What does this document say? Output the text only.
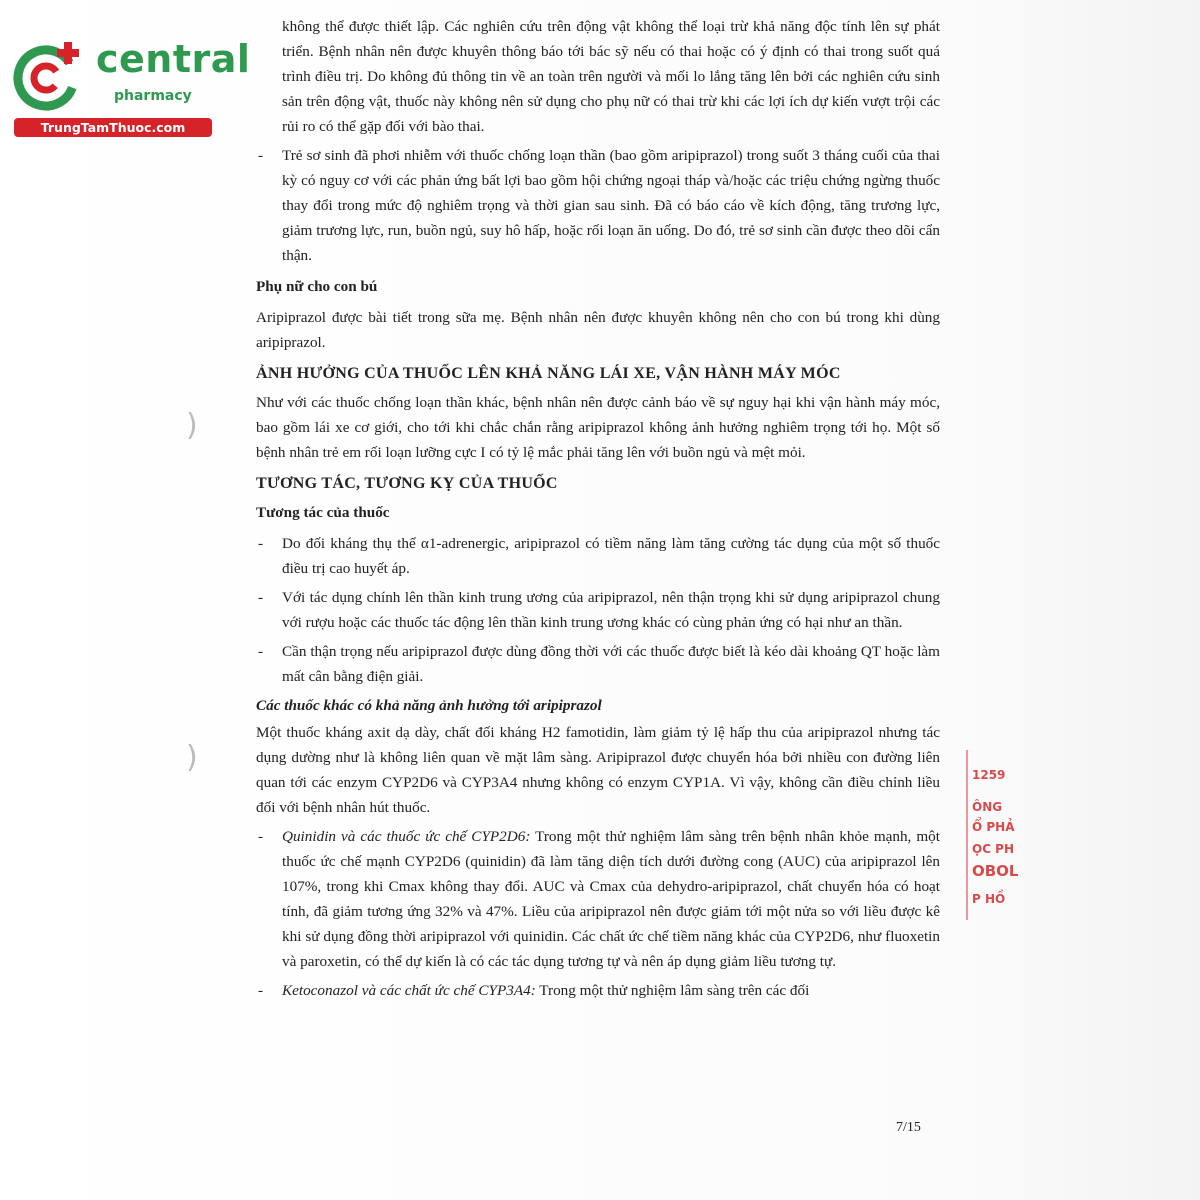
central
pharmacy
TrungTamThuoc.com
)
)	1259
ÔNG
Ổ PHẢ
ỌC PH
OBOL
P HỒ

không thể được thiết lập. Các nghiên cứu trên động vật không thể loại trừ khả năng độc tính lên sự phát triển. Bệnh nhân nên được khuyên thông báo tới bác sỹ nếu có thai hoặc có ý định có thai trong suốt quá trình điều trị. Do không đủ thông tin về an toàn trên người và mối lo lắng tăng lên bởi các nghiên cứu sinh sản trên động vật, thuốc này không nên sử dụng cho phụ nữ có thai trừ khi các lợi ích dự kiến vượt trội các rủi ro có thể gặp đối với bào thai.

- Trẻ sơ sinh đã phơi nhiễm với thuốc chống loạn thần (bao gồm aripiprazol) trong suốt 3 tháng cuối của thai kỳ có nguy cơ với các phản ứng bất lợi bao gồm hội chứng ngoại tháp và/hoặc các triệu chứng ngừng thuốc thay đổi trong mức độ nghiêm trọng và thời gian sau sinh. Đã có báo cáo về kích động, tăng trương lực, giảm trương lực, run, buồn ngủ, suy hô hấp, hoặc rối loạn ăn uống. Do đó, trẻ sơ sinh cần được theo dõi cẩn thận.

Phụ nữ cho con bú

Aripiprazol được bài tiết trong sữa mẹ. Bệnh nhân nên được khuyên không nên cho con bú trong khi dùng aripiprazol.

ẢNH HƯỞNG CỦA THUỐC LÊN KHẢ NĂNG LÁI XE, VẬN HÀNH MÁY MÓC

Như với các thuốc chống loạn thần khác, bệnh nhân nên được cảnh báo về sự nguy hại khi vận hành máy móc, bao gồm lái xe cơ giới, cho tới khi chắc chắn rằng aripiprazol không ảnh hưởng nghiêm trọng tới họ. Một số bệnh nhân trẻ em rối loạn lưỡng cực I có tỷ lệ mắc phải tăng lên với buồn ngủ và mệt mỏi.

TƯƠNG TÁC, TƯƠNG KỴ CỦA THUỐC
Tương tác của thuốc

- Do đối kháng thụ thể α1-adrenergic, aripiprazol có tiềm năng làm tăng cường tác dụng của một số thuốc điều trị cao huyết áp.

- Với tác dụng chính lên thần kinh trung ương của aripiprazol, nên thận trọng khi sử dụng aripiprazol chung với rượu hoặc các thuốc tác động lên thần kinh trung ương khác có cùng phản ứng có hại như an thần.

- Cần thận trọng nếu aripiprazol được dùng đồng thời với các thuốc được biết là kéo dài khoảng QT hoặc làm mất cân bằng điện giải.

Các thuốc khác có khả năng ảnh hưởng tới aripiprazol

Một thuốc kháng axit dạ dày, chất đối kháng H2 famotidin, làm giảm tỷ lệ hấp thu của aripiprazol nhưng tác dụng dường như là không liên quan về mặt lâm sàng. Aripiprazol được chuyển hóa bởi nhiều con đường liên quan tới các enzym CYP2D6 và CYP3A4 nhưng không có enzym CYP1A. Vì vậy, không cần điều chỉnh liều đối với bệnh nhân hút thuốc.

- Quinidin và các thuốc ức chế CYP2D6: Trong một thử nghiệm lâm sàng trên bệnh nhân khỏe mạnh, một thuốc ức chế mạnh CYP2D6 (quinidin) đã làm tăng diện tích dưới đường cong (AUC) của aripiprazol lên 107%, trong khi Cmax không thay đổi. AUC và Cmax của dehydro-aripiprazol, chất chuyển hóa có hoạt tính, đã giảm tương ứng 32% và 47%. Liều của aripiprazol nên được giảm tới một nửa so với liều được kê khi sử dụng đồng thời aripiprazol với quinidin. Các chất ức chế tiềm năng khác của CYP2D6, như fluoxetin và paroxetin, có thể dự kiến là có các tác dụng tương tự và nên áp dụng giảm liều tương tự.

- Ketoconazol và các chất ức chế CYP3A4: Trong một thử nghiệm lâm sàng trên các đối

7/15
